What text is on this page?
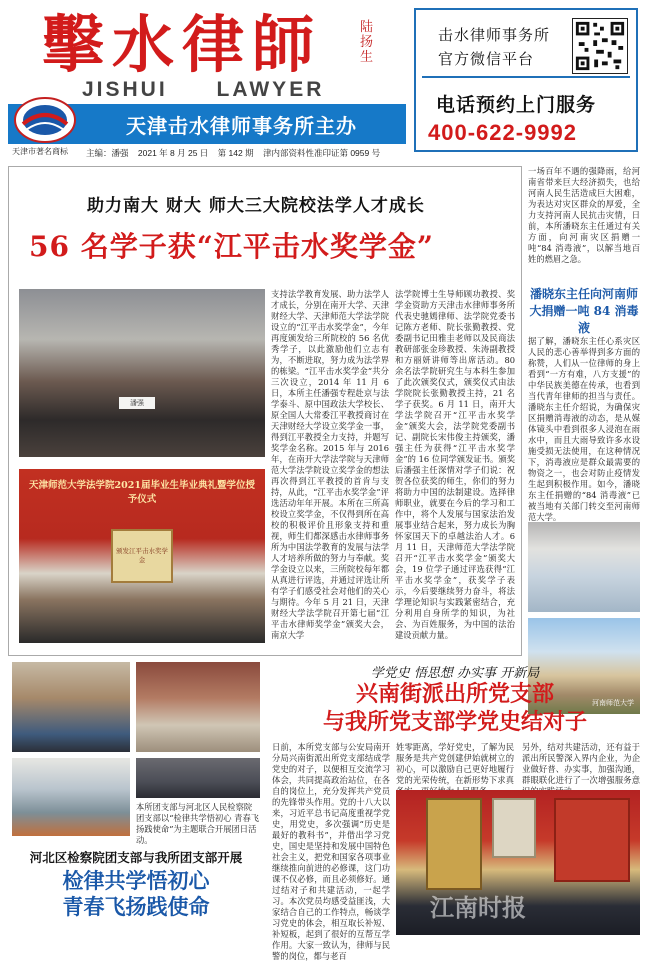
擊水律師	陆扬生
JISHUI LAWYER
天津击水律师事务所主办
天津市著名商标 主编：潘强 2021 年 8 月 25 日 第 142 期 津内部资料性准印证第 0959 号
击水律师事务所
官方微信平台
电话预约上门服务
400-622-9992
助力南大 财大 师大三大院校法学人才成长
56 名学子获“江平击水奖学金”
潘强
天津师范大学法学院2021届毕业生毕业典礼暨学位授予仪式
颁发江平击水奖学金
支持法学教育发展、助力法学人才成长，分别在南开大学、天津财经大学、天津师范大学法学院设立的“江平击水奖学金”，今年再度颁发给三所院校的 56 名优秀学子，以此激励他们立志有为，不断进取，努力成为法学界的栋梁。“江平击水奖学金”共分三次设立，2014 年 11 月 6 日，本所主任潘强专程赴京与法学泰斗、原中国政法大学校长、原全国人大常委江平教授商讨在天津财经大学设立奖学金一事，得到江平教授全力支持，并题写奖学金名称。2015 年与 2016 年，在南开大学法学院与天津师范大学法学院设立奖学金的想法再次得到江平教授的首肯与支持，从此，“江平击水奖学金”评选活动年年开展。本所在三所高校设立奖学金，不仅得到所在高校的积极评价且形象支持和重视，师生们都深感击水律师事务所为中国法学教育的发展与法学人才培养所做的努力与奉献。奖学金设立以来，三所院校每年都从真进行评选，并通过评选让所有学子们感受社会对他们的关心与期待。今年 5 月 21 日，天津财经大学法学院召开第七届“江平击水律师奖学金”颁奖大会，南京大学
法学院博士生导师顾功教授、奖学金资助方天津击水律师事务所代表史驰嫣律师、法学院党委书记陈方老师、院长张勤教授、党委副书记田雅圭老师以及民商法教研部张金珍教授、朱涛副教授和方丽妍讲师等出席活动。80 余名法学院研究生与本科生参加了此次颁奖仪式，颁奖仪式由法学院院长张勤教授主持，21 名学子获奖。6 月 11 日，南开大学法学院召开“江平击水奖学金”颁奖大会，法学院党委副书记、副院长宋伟俊主持颁奖，潘强主任为获得“江平击水奖学金”的 16 位同学颁发证书。颁奖后潘强主任深情对学子们说：祝贺各位获奖的师生，你们的努力将助力中国的法制建设。选择律师职业，就要在今后的学习和工作中，将个人发展与国家法治发展事业结合起来，努力成长为胸怀家国天下的卓越法治人才。6 月 11 日，天津师范大学法学院召开“江平击水奖学金”颁奖大会，19 位学子通过评选获得“江平击水奖学金”，获奖学子表示，今后要继续努力奋斗，将法学理论知识与实践紧密结合，充分利用自身所学的知识，为社会、为百姓服务，为中国的法治建设贡献力量。
一场百年不遇的强降雨，给河南省带来巨大经济损失，也给河南人民生活造成巨大困难，为表达对灾区群众的厚爱，全力支持河南人民抗击灾情，日前，本所潘晓东主任通过有关方面，向河南灾区捐赠一吨“84 消毒液”，以解当地百姓的燃眉之急。
潘晓东主任向河南师大捐赠一吨 84 消毒液
据了解，潘晓东主任心系灾区人民的悲心善举得到多方面的称赞，人们从一位律师的身上看到“一方有难，八方支援”的中华民族美德在传承，也看到当代青年律师的担当与责任。潘晓东主任介绍说，为确保灾区捐赠消毒液的动态，是从媒体镜头中看到很多人浸泡在雨水中，而且大雨导致许多水设施受损无法使用，在这种情况下，消毒液应是群众最需要的物资之一，也会对防止疫情发生起到积极作用。如今，潘晓东主任捐赠的“84 消毒液”已被当地有关部门转交至河南师范大学。
河南师范大学
本所团支部与河北区人民检察院团支部以“检律共学悟初心 青春飞扬践使命”为主题联合开展团日活动。
河北区检察院团支部与我所团支部开展
检律共学悟初心
青春飞扬践使命
学党史 悟思想 办实事 开新局
兴南街派出所党支部
与我所党支部学党史结对子
日前，本所党支部与公安局南开分局兴南街派出所党支部结成学党史的对子，以便相互交流学习体会，共同提高政治站位，在各自的岗位上，充分发挥共产党员的先锋带头作用。党的十八大以来，习近平总书记高度重视学党史，用党史，多次强调“历史是最好的教科书”，并借出学习党史，国史是坚持和发展中国特色社会主义，把党和国家各项事业继续推向前进的必修课，这门功课不仅必修，而且必须修好。通过结对子和共建活动，一起学习。本次党员均感受益匪浅，大家结合自己的工作特点，畅谈学习党史的体会，相互取长补短、补短板，起到了很好的互帮互学作用。大家一致认为，律师与民警的岗位，都与老百
姓零距离，学好党史，了解为民服务是共产党创建伊始就树立的初心，可以激励自己更好地履行党的光荣传统，在新形势下求真
另外，结对共建活动，还有益于派出所民警深入界内企业，为企业做好普、办实事，加强沟通，群眼联化进行了一次增强服务意
江南时报
